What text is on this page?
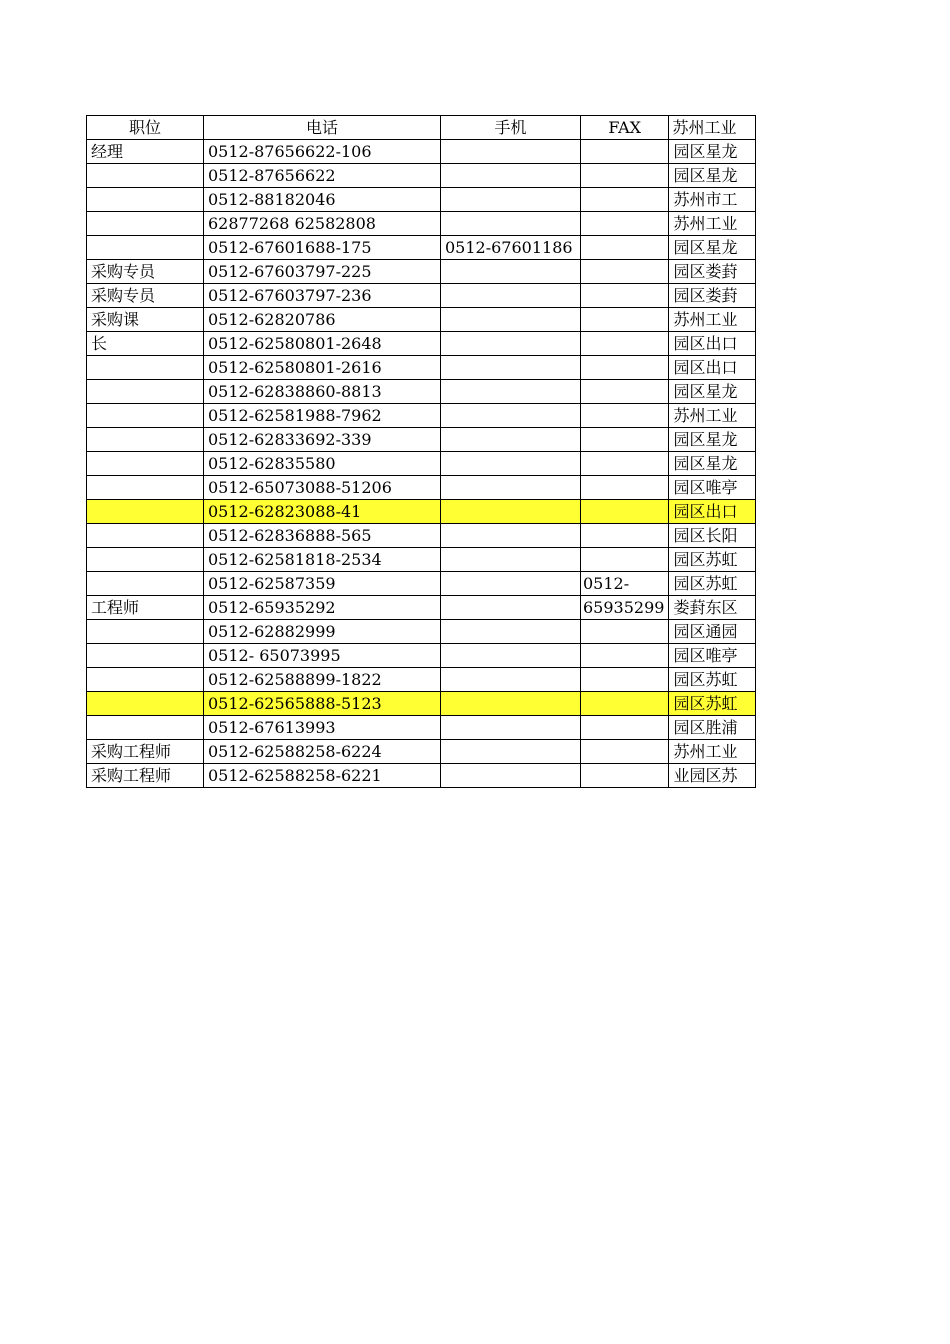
职位	电话	手机	FAX	苏州工业
经理	0512-87656622-106			园区星龙
	0512-87656622			园区星龙
	0512-88182046			苏州市工
	62877268 62582808			苏州工业
	0512-67601688-175	0512-67601186		园区星龙
采购专员	0512-67603797-225			园区娄葑
采购专员	0512-67603797-236			园区娄葑
采购课	0512-62820786			苏州工业
长	0512-62580801-2648			园区出口
	0512-62580801-2616			园区出口
	0512-62838860-8813			园区星龙
	0512-62581988-7962			苏州工业
	0512-62833692-339			园区星龙
	0512-62835580			园区星龙
	0512-65073088-51206			园区唯亭
	0512-62823088-41			园区出口
	0512-62836888-565			园区长阳
	0512-62581818-2534			园区苏虹
	0512-62587359		0512-	园区苏虹
工程师	0512-65935292		65935299	娄葑东区
	0512-62882999			园区通园
	0512- 65073995			园区唯亭
	0512-62588899-1822			园区苏虹
	0512-62565888-5123			园区苏虹
	0512-67613993			园区胜浦
采购工程师	0512-62588258-6224			苏州工业
采购工程师	0512-62588258-6221			业园区苏
